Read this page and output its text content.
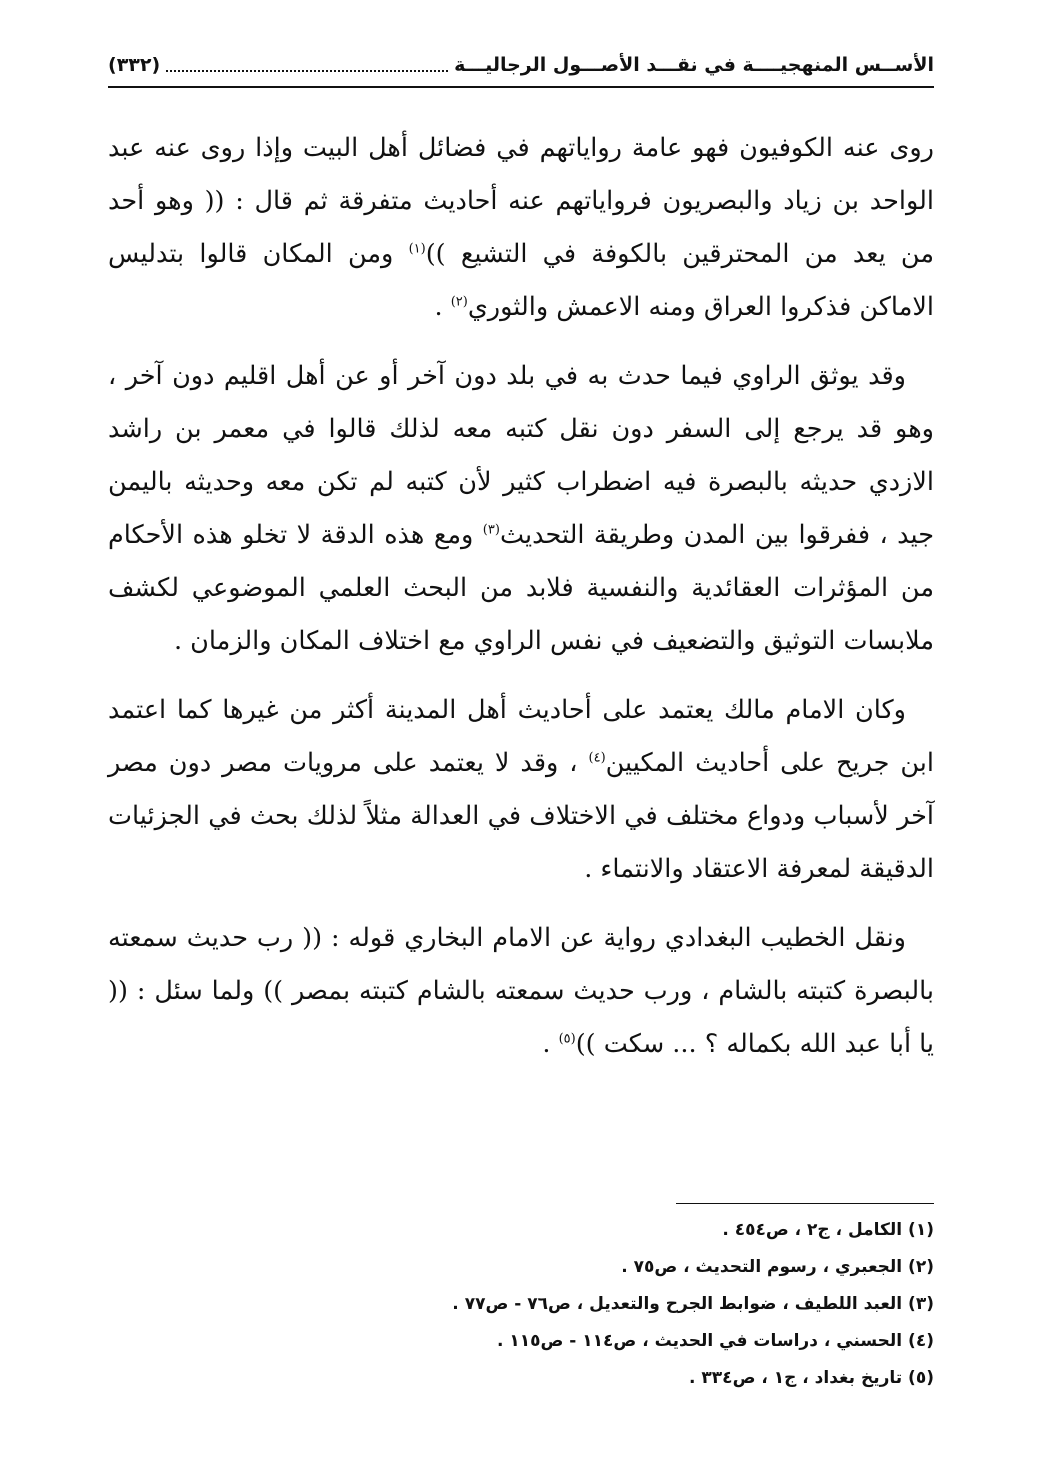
الأســس المنهجيــــة في نقـــد الأصـــول الرجاليـــة
(٣٣٢)

روى عنه الكوفيون فهو عامة رواياتهم في فضائل أهل البيت وإذا روى عنه عبد الواحد بن زياد والبصريون فرواياتهم عنه أحاديث متفرقة ثم قال : (( وهو أحد من يعد من المحترقين بالكوفة في التشيع ))$^{(١)}$ ومن المكان قالوا بتدليس الاماكن فذكروا العراق ومنه الاعمش والثوري$^{(٢)}$ .

وقد يوثق الراوي فيما حدث به في بلد دون آخر أو عن أهل اقليم دون آخر ، وهو قد يرجع إلى السفر دون نقل كتبه معه لذلك قالوا في معمر بن راشد الازدي حديثه بالبصرة فيه اضطراب كثير لأن كتبه لم تكن معه وحديثه باليمن جيد ، ففرقوا بين المدن وطريقة التحديث$^{(٣)}$ ومع هذه الدقة لا تخلو هذه الأحكام من المؤثرات العقائدية والنفسية فلابد من البحث العلمي الموضوعي لكشف ملابسات التوثيق والتضعيف في نفس الراوي مع اختلاف المكان والزمان .

وكان الامام مالك يعتمد على أحاديث أهل المدينة أكثر من غيرها كما اعتمد ابن جريح على أحاديث المكيين$^{(٤)}$ ، وقد لا يعتمد على مرويات مصر دون مصر آخر لأسباب ودواع مختلف في الاختلاف في العدالة مثلاً لذلك بحث في الجزئيات الدقيقة لمعرفة الاعتقاد والانتماء .

ونقل الخطيب البغدادي رواية عن الامام البخاري قوله : (( رب حديث سمعته بالبصرة كتبته بالشام ، ورب حديث سمعته بالشام كتبته بمصر )) ولما سئل : (( يا أبا عبد الله بكماله ؟ ... سكت ))$^{(٥)}$ .

(١) الكامل ، ج٢ ، ص٤٥٤ .
(٢) الجعبري ، رسوم التحديث ، ص٧٥ .
(٣) العبد اللطيف ، ضوابط الجرح والتعديل ، ص٧٦ - ص٧٧ .
(٤) الحسني ، دراسات في الحديث ، ص١١٤ - ص١١٥ .
(٥) تاريخ بغداد ، ج١ ، ص٣٣٤ .
